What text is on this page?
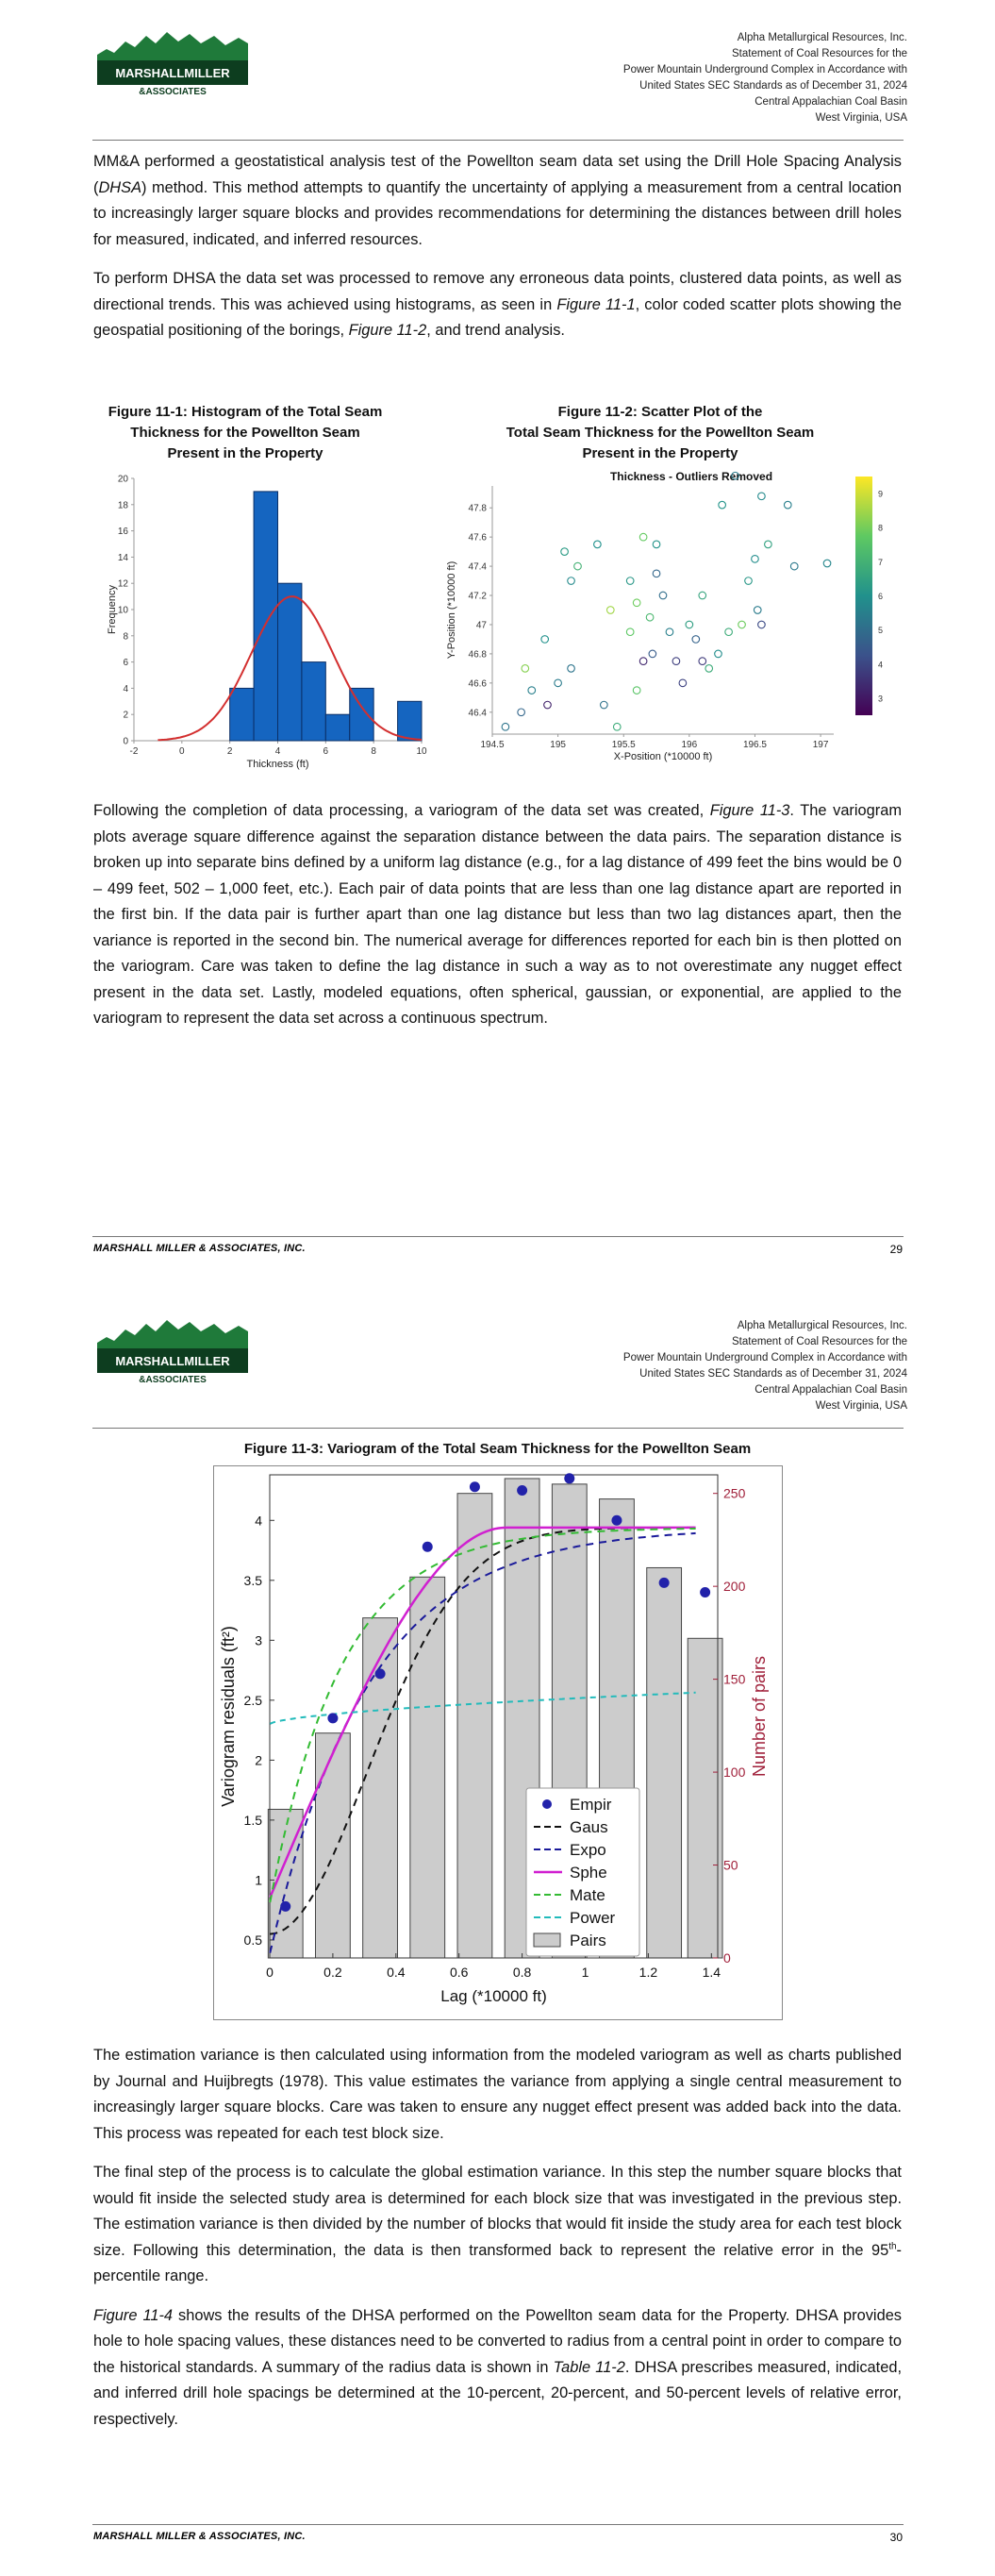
MARSHALLMILLER
&ASSOCIATES
Alpha Metallurgical Resources, Inc.
Statement of Coal Resources for the
Power Mountain Underground Complex in Accordance with
United States SEC Standards as of December 31, 2024
Central Appalachian Coal Basin
West Virginia, USA

MM&A performed a geostatistical analysis test of the Powellton seam data set using the Drill Hole Spacing Analysis (DHSA) method. This method attempts to quantify the uncertainty of applying a measurement from a central location to increasingly larger square blocks and provides recommendations for determining the distances between drill holes for measured, indicated, and inferred resources.

To perform DHSA the data set was processed to remove any erroneous data points, clustered data points, as well as directional trends. This was achieved using histograms, as seen in Figure 11-1, color coded scatter plots showing the geospatial positioning of the borings, Figure 11-2, and trend analysis.

Figure 11-1: Histogram of the Total Seam
Thickness for the Powellton Seam
Present in the Property
Figure 11-2: Scatter Plot of the
Total Seam Thickness for the Powellton Seam
Present in the Property
0
2
4
6
8
10
12
14
16
18
20
-2	0	2	4	6	8	10
Thickness (ft)
Frequency
Thickness - Outliers Removed
46.4
46.6
46.8
47
47.2
47.4
47.6
47.8
194.5	195	195.5	196	196.5	197
X-Position (*10000 ft)
Y-Position (*10000 ft)
3
4
5
6
7
8
9

Following the completion of data processing, a variogram of the data set was created, Figure 11-3. The variogram plots average square difference against the separation distance between the data pairs. The separation distance is broken up into separate bins defined by a uniform lag distance (e.g., for a lag distance of 499 feet the bins would be 0 – 499 feet, 502 – 1,000 feet, etc.). Each pair of data points that are less than one lag distance apart are reported in the first bin. If the data pair is further apart than one lag distance but less than two lag distances apart, then the variance is reported in the second bin. The numerical average for differences reported for each bin is then plotted on the variogram. Care was taken to define the lag distance in such a way as to not overestimate any nugget effect present in the data set. Lastly, modeled equations, often spherical, gaussian, or exponential, are applied to the variogram to represent the data set across a continuous spectrum.

MARSHALL MILLER & ASSOCIATES, INC.	29
MARSHALLMILLER
&ASSOCIATES
Alpha Metallurgical Resources, Inc.
Statement of Coal Resources for the
Power Mountain Underground Complex in Accordance with
United States SEC Standards as of December 31, 2024
Central Appalachian Coal Basin
West Virginia, USA
Figure 11-3: Variogram of the Total Seam Thickness for the Powellton Seam
0.5
1
1.5
2
2.5
3
3.5
4
0
50
100
150
200
250
0	0.2	0.4	0.6	0.8	1	1.2	1.4
Empir
Gaus
Expo
Sphe
Mate
Power
Pairs
Lag (*10000 ft)
Variogram residuals (ft²)	Number of pairs

The estimation variance is then calculated using information from the modeled variogram as well as charts published by Journal and Huijbregts (1978). This value estimates the variance from applying a single central measurement to increasingly larger square blocks. Care was taken to ensure any nugget effect present was added back into the data. This process was repeated for each test block size.

The final step of the process is to calculate the global estimation variance. In this step the number square blocks that would fit inside the selected study area is determined for each block size that was investigated in the previous step. The estimation variance is then divided by the number of blocks that would fit inside the study area for each test block size. Following this determination, the data is then transformed back to represent the relative error in the 95th-percentile range.

Figure 11-4 shows the results of the DHSA performed on the Powellton seam data for the Property. DHSA provides hole to hole spacing values, these distances need to be converted to radius from a central point in order to compare to the historical standards. A summary of the radius data is shown in Table 11-2. DHSA prescribes measured, indicated, and inferred drill hole spacings be determined at the 10-percent, 20-percent, and 50-percent levels of relative error, respectively.

MARSHALL MILLER & ASSOCIATES, INC.	30
